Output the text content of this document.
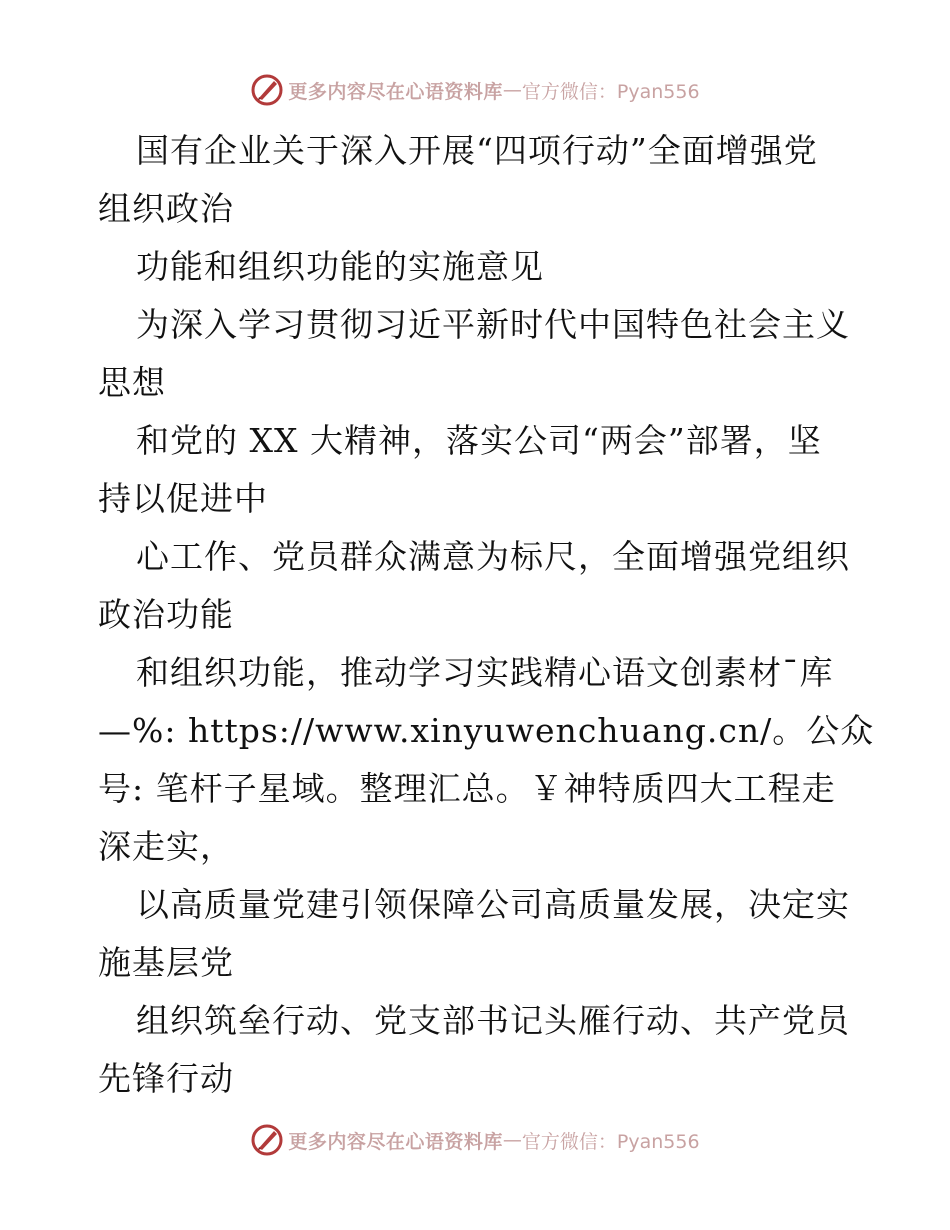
更多内容尽在心语资料库 — 官方微信：Pyan556
国有企业关于深入开展“四项行动”全面增强党
组织政治
功能和组织功能的实施意见
为深入学习贯彻习近平新时代中国特色社会主义
思想
和党的 XX 大精神，落实公司“两会”部署，坚
持以促进中
心工作、党员群众满意为标尺，全面增强党组织
政治功能
和组织功能，推动学习实践精心语文创素材¯库
—%: https://www.xinyuwenchuang.cn/。公众
号: 笔杆子星域。整理汇总。￥神特质四大工程走
深走实，
以高质量党建引领保障公司高质量发展，决定实
施基层党
组织筑垒行动、党支部书记头雁行动、共产党员
先锋行动
更多内容尽在心语资料库 — 官方微信：Pyan556
